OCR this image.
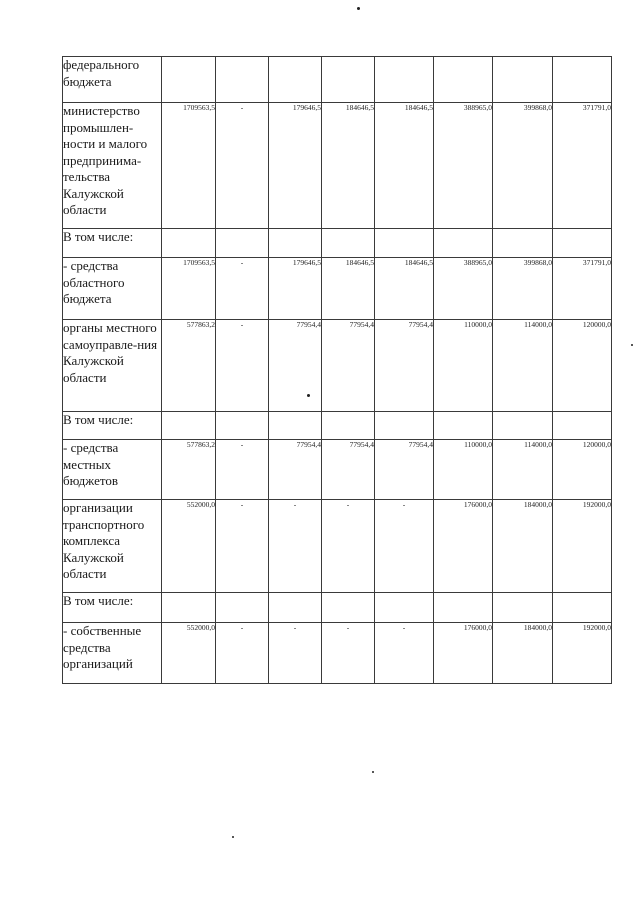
федерального бюджета								
министерство промышлен-ности и малого предпринима-тельства Калужской области	1709563,5	-	179646,5	184646,5	184646,5	388965,0	399868,0	371791,0
В том числе:								
- средства областного бюджета	1709563,5	-	179646,5	184646,5	184646,5	388965,0	399868,0	371791,0
органы местного самоуправле-ния Калужской области	577863,2	-	77954,4	77954,4	77954,4	110000,0	114000,0	120000,0
В том числе:								
- средства местных бюджетов	577863,2	-	77954,4	77954,4	77954,4	110000,0	114000,0	120000,0
организации транспортного комплекса Калужской области	552000,0	-	-	-	-	176000,0	184000,0	192000,0
В том числе:								
- собственные средства организаций	552000,0	-	-	-	-	176000,0	184000,0	192000,0
